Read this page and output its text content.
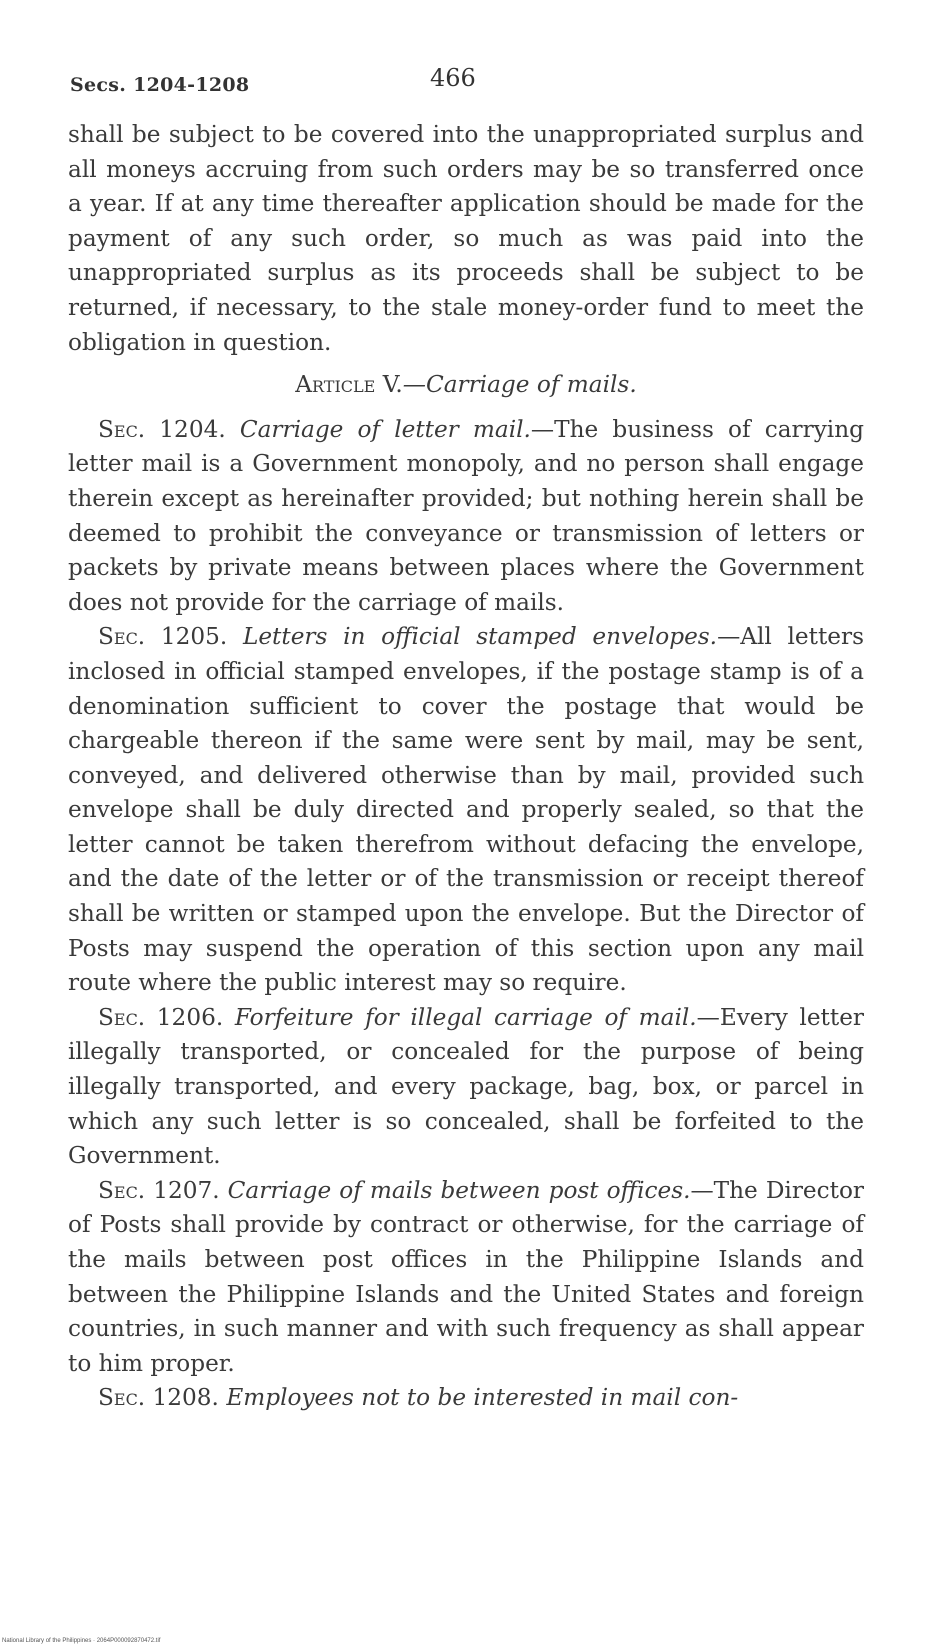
Secs. 1204-1208	466

shall be subject to be covered into the unappropriated surplus and all moneys accruing from such orders may be so transferred once a year. If at any time thereafter application should be made for the payment of any such order, so much as was paid into the unappropriated surplus as its proceeds shall be subject to be returned, if necessary, to the stale money-order fund to meet the obligation in question.

Article V.—Carriage of mails.

Sec. 1204. Carriage of letter mail.—The business of carrying letter mail is a Government monopoly, and no person shall engage therein except as hereinafter provided; but nothing herein shall be deemed to prohibit the conveyance or transmission of letters or packets by private means between places where the Government does not provide for the carriage of mails.

Sec. 1205. Letters in official stamped envelopes.—All letters inclosed in official stamped envelopes, if the postage stamp is of a denomination sufficient to cover the postage that would be chargeable thereon if the same were sent by mail, may be sent, conveyed, and delivered otherwise than by mail, provided such envelope shall be duly directed and properly sealed, so that the letter cannot be taken therefrom without defacing the envelope, and the date of the letter or of the transmission or receipt thereof shall be written or stamped upon the envelope. But the Director of Posts may suspend the operation of this section upon any mail route where the public interest may so require.

Sec. 1206. Forfeiture for illegal carriage of mail.—Every letter illegally transported, or concealed for the purpose of being illegally transported, and every package, bag, box, or parcel in which any such letter is so concealed, shall be forfeited to the Government.

Sec. 1207. Carriage of mails between post offices.—The Director of Posts shall provide by contract or otherwise, for the carriage of the mails between post offices in the Philippine Islands and between the Philippine Islands and the United States and foreign countries, in such manner and with such frequency as shall appear to him proper.

Sec. 1208. Employees not to be interested in mail con-

National Library of the Philippines · 2064P000092870472.tif
